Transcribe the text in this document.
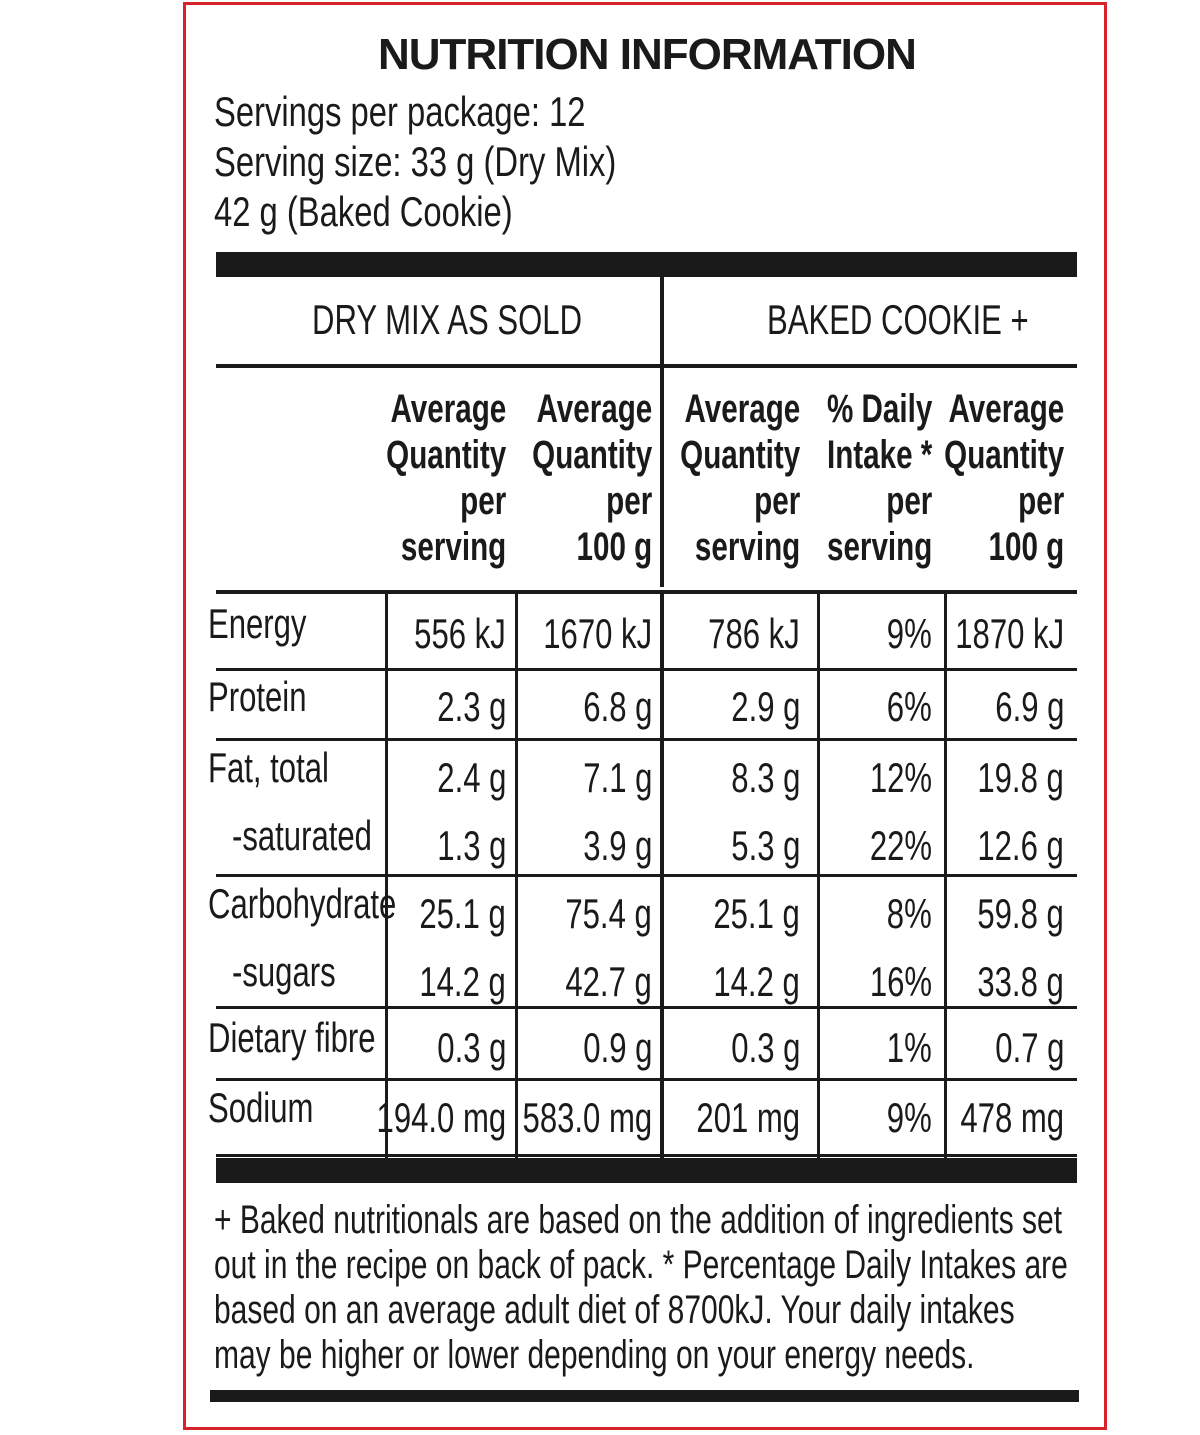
NUTRITION INFORMATION
Servings per package: 12
Serving size: 33 g (Dry Mix)
42 g (Baked Cookie)
DRY MIX AS SOLD	BAKED COOKIE +
Average
Quantity
per
serving
Average
Quantity
per
100 g
Average
Quantity
per
serving
% Daily
Intake *
per
serving
Average
Quantity
per
100 g
Energy	556 kJ 1670 kJ 786 kJ 9% 1870 kJ
Protein	2.3 g 6.8 g 2.9 g 6% 6.9 g
Fat, total	2.4 g 7.1 g 8.3 g 12% 19.8 g
-saturated 1.3 g 3.9 g 5.3 g 22% 12.6 g
Carbohydrate 25.1 g 75.4 g 25.1 g 8% 59.8 g
-sugars 14.2 g 42.7 g 14.2 g 16% 33.8 g
Dietary fibre 0.3 g 0.9 g 0.3 g 1% 0.7 g
Sodium 194.0 mg 583.0 mg 201 mg 9% 478 mg
+ Baked nutritionals are based on the addition of ingredients set
out in the recipe on back of pack. * Percentage Daily Intakes are
based on an average adult diet of 8700kJ. Your daily intakes
may be higher or lower depending on your energy needs.
